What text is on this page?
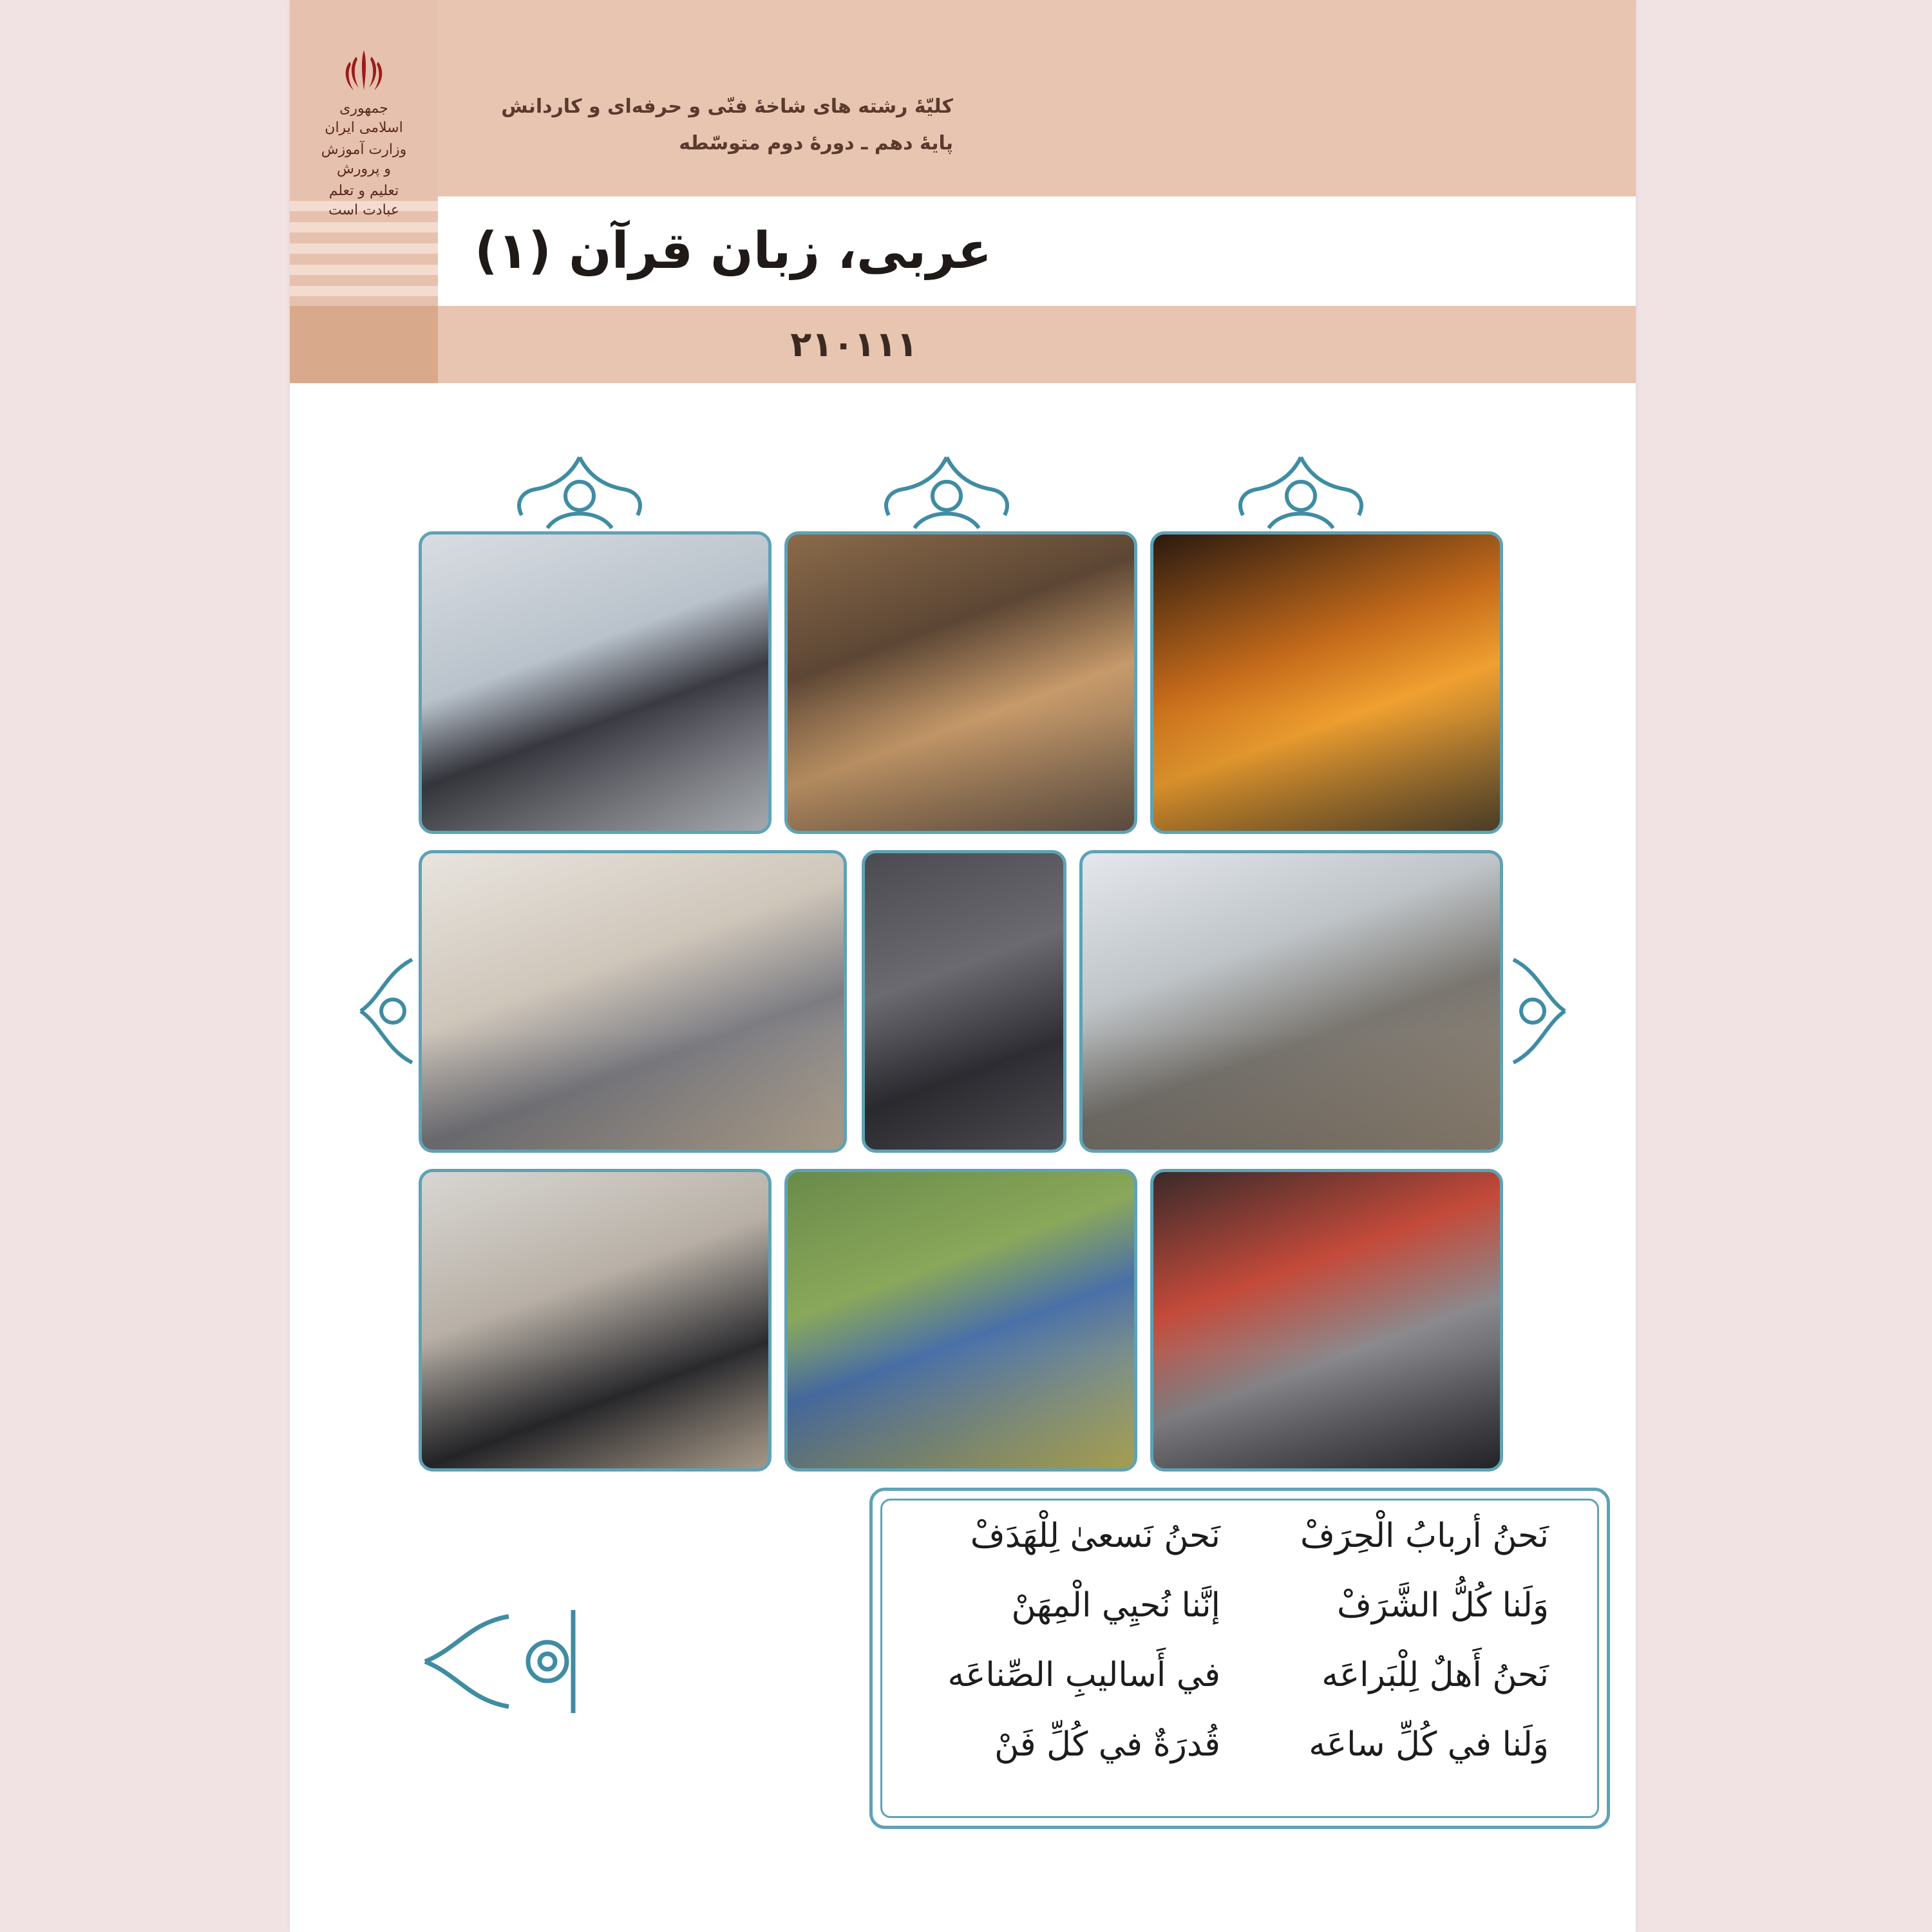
جمهوری اسلامی ایران
وزارت آموزش و پرورش
تعلیم و تعلم عبادت است
کلیّهٔ رشته های شاخهٔ فنّی و حرفه‌ای و کاردانش
پایهٔ دهم ـ دورهٔ دوم متوسّطه
عربی، زبان قرآن (۱)
۲۱۰۱۱۱
نَحنُ أربابُ الْحِرَفْ
وَلَنا كُلُّ الشَّرَفْ
نَحنُ أَهلٌ لِلْبَراعَه
وَلَنا في كُلِّ ساعَه
نَحنُ نَسعىٰ لِلْهَدَفْ
إنَّنا نُحيِي الْمِهَنْ
في أَساليبِ الصِّناعَه
قُدرَةٌ في كُلِّ فَنْ
